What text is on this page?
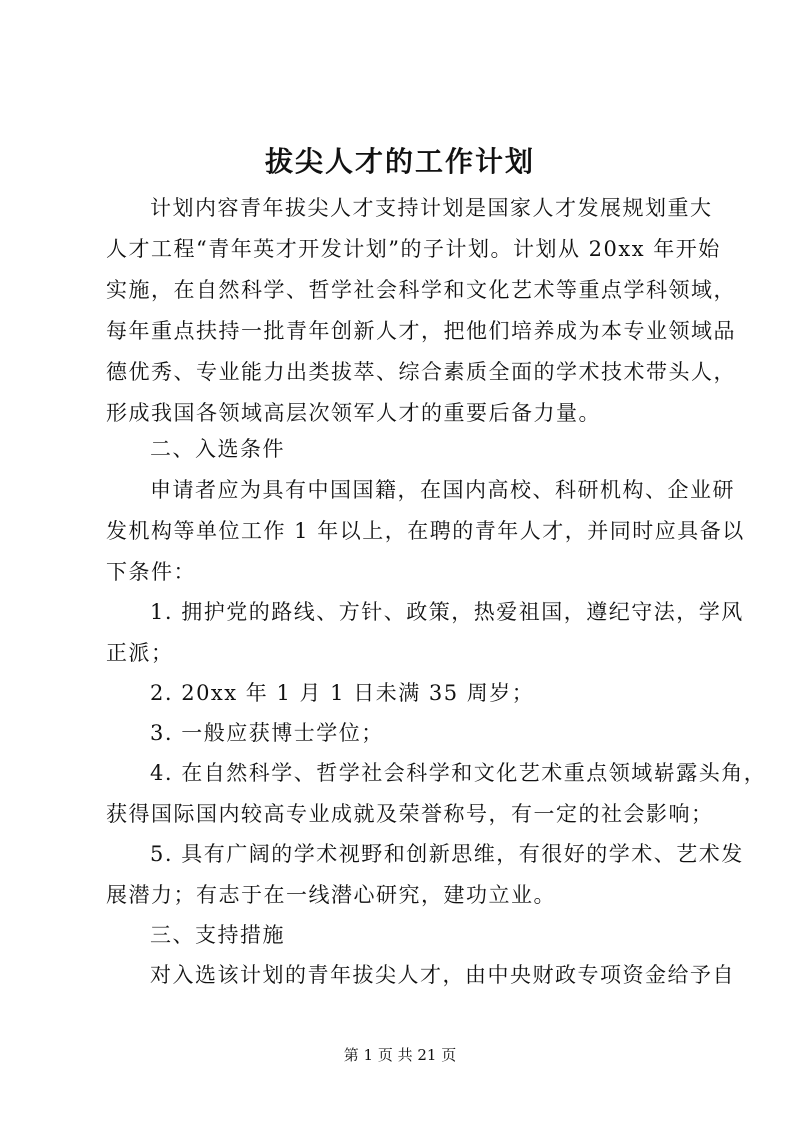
拔尖人才的工作计划
计划内容青年拔尖人才支持计划是国家人才发展规划重大
人才工程“青年英才开发计划”的子计划。计划从 20xx 年开始
实施，在自然科学、哲学社会科学和文化艺术等重点学科领域，
每年重点扶持一批青年创新人才，把他们培养成为本专业领域品
德优秀、专业能力出类拔萃、综合素质全面的学术技术带头人，
形成我国各领域高层次领军人才的重要后备力量。
二、入选条件
申请者应为具有中国国籍，在国内高校、科研机构、企业研
发机构等单位工作 1 年以上，在聘的青年人才，并同时应具备以
下条件：
1. 拥护党的路线、方针、政策，热爱祖国，遵纪守法，学风
正派；
2. 20xx 年 1 月 1 日未满 35 周岁；
3. 一般应获博士学位；
4. 在自然科学、哲学社会科学和文化艺术重点领域崭露头角，
获得国际国内较高专业成就及荣誉称号，有一定的社会影响；
5. 具有广阔的学术视野和创新思维，有很好的学术、艺术发
展潜力；有志于在一线潜心研究，建功立业。
三、支持措施
对入选该计划的青年拔尖人才，由中央财政专项资金给予自
第 1 页 共 21 页
